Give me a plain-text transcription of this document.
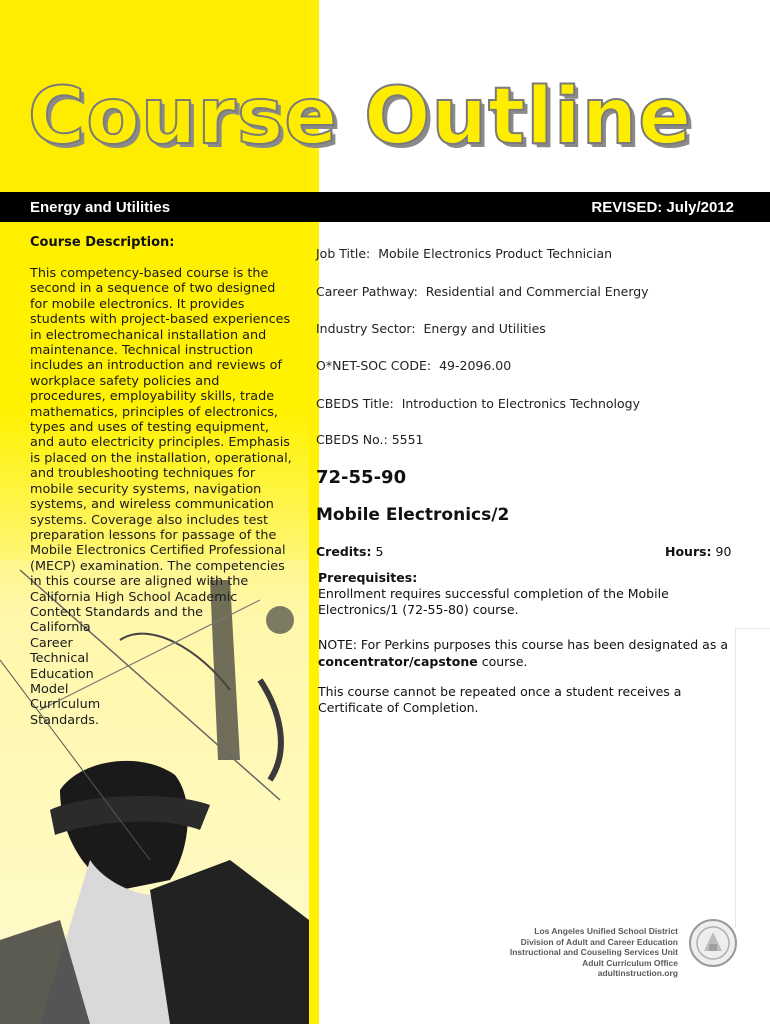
Course Outline
Energy and Utilities	REVISED: July/2012
Course Description:

This competency-based course is the second in a sequence of two designed for mobile electronics. It provides students with project-based experiences in electromechanical installation and maintenance. Technical instruction includes an introduction and reviews of workplace safety policies and procedures, employability skills, trade mathematics, principles of electronics, types and uses of testing equipment, and auto electricity principles. Emphasis is placed on the installation, operational, and troubleshooting techniques for mobile security systems, navigation systems, and wireless communication systems. Coverage also includes test preparation lessons for passage of the Mobile Electronics Certified Professional (MECP) examination. The competencies in this course are aligned with the California High School Academic Content Standards and the
California Career Technical Education Model Curriculum Standards.

Job Title: Mobile Electronics Product Technician
Career Pathway: Residential and Commercial Energy
Industry Sector: Energy and Utilities
O*NET-SOC CODE: 49-2096.00
CBEDS Title: Introduction to Electronics Technology
CBEDS No.: 5551
72-55-90
Mobile Electronics/2
Credits: 5	Hours: 90
Prerequisites:
Enrollment requires successful completion of the Mobile Electronics/1 (72-55-80) course.
NOTE: For Perkins purposes this course has been designated as a concentrator/capstone course.
This course cannot be repeated once a student receives a Certificate of Completion.
Los Angeles Unified School District
Division of Adult and Career Education
Instructional and Couseling Services Unit
Adult Curriculum Office
adultinstruction.org
